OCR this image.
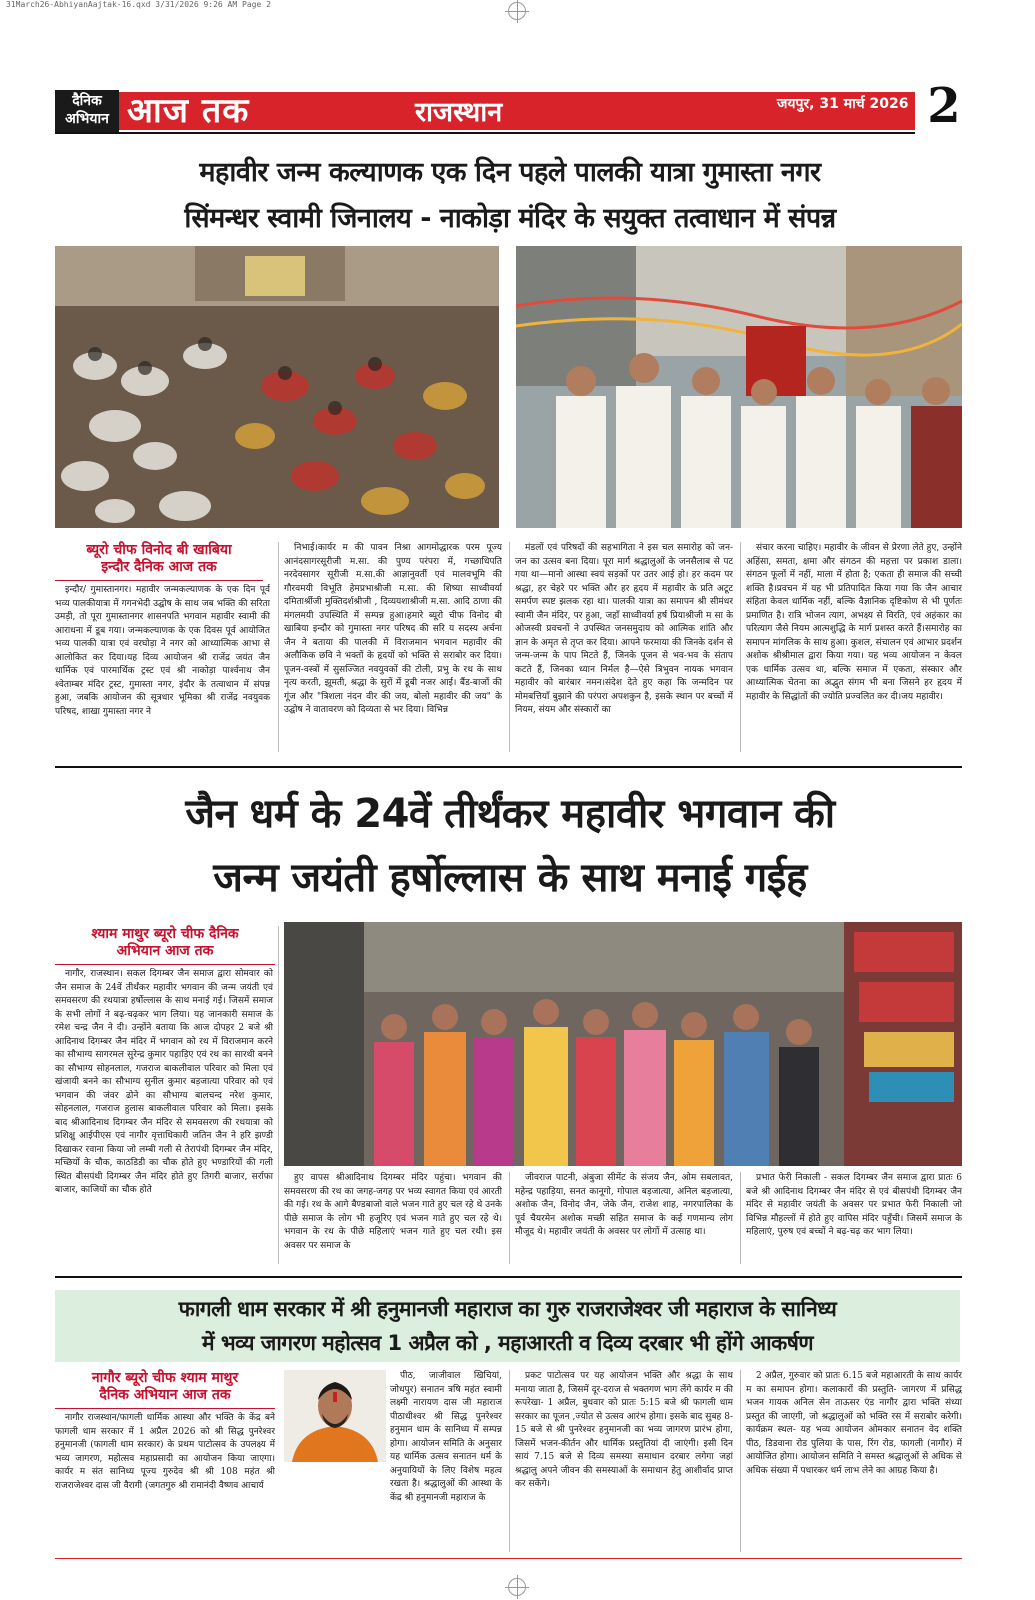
31March26-AbhiyanAajtak-16.qxd 3/31/2026 9:26 AM Page 2
दैनिक
अभियान आज तक	राजस्थान	जयपुर, 31 मार्च 2026 2
महावीर जन्म कल्याणक एक दिन पहले पालकी यात्रा गुमास्ता नगर
सिंमन्धर स्वामी जिनालय - नाकोड़ा मंदिर के सयुक्त तत्वाधान में संपन्न
ब्यूरो चीफ विनोद बी खाबिया
इन्दौर दैनिक आज तक

इन्दौर/ गुमास्तानगर। महावीर जन्मकल्याणक के एक दिन पूर्व भव्य पालकीयात्रा में गगनभेदी उद्घोष के साथ जब भक्ति की सरिता उमड़ी, तो पूरा गुमास्तानगर शासनपति भगवान महावीर स्वामी की आराधना में डूब गया। जन्मकल्याणक के एक दिवस पूर्व आयोजित भव्य पालकी यात्रा एवं वरघोड़ा ने नगर को आध्यात्मिक आभा से आलोकित कर दिया।यह दिव्य आयोजन श्री राजेंद्र जयंत जैन धार्मिक एवं पारमार्थिक ट्रस्ट एवं श्री नाकोड़ा पार्श्वनाथ जैन श्वेताम्बर मंदिर ट्रस्ट, गुमास्ता नगर, इंदौर के तत्वाधान में संपन्न हुआ, जबकि आयोजन की सूत्रधार भूमिका श्री राजेंद्र नवयुवक परिषद, शाखा गुमास्ता नगर ने

निभाई।कार्यर म की पावन निश्रा आगमोद्धारक परम पूज्य आनंदसागरसूरीजी म.सा. की पुण्य परंपरा में, गच्छाधिपति नरदेवसागर सूरीजी म.सा.की आज्ञानुवर्ती एवं मालवभूमि की गौरवमयी विभूति हेमप्रभाश्रीजी म.सा. की शिष्या साध्वीवर्या दमितार्श्रीजी मुक्तिदर्शश्रीजी , दिव्ययशाश्रीजी म.सा. आदि ठाणा की मंगलमयी उपस्थिति में सम्पन्न हुआ।हमारे ब्यूरो चीफ विनोद बी खाबिया इन्दौर को गुमास्ता नगर परिषद की सरि य सदस्य अर्चना जैन ने बताया की पालकी में विराजमान भगवान महावीर की अलौकिक छवि ने भक्तों के हृदयों को भक्ति से सराबोर कर दिया। पूजन-वस्त्रों में सुसज्जित नवयुवकों की टोली, प्रभु के रथ के साथ नृत्य करती, झूमती, श्रद्धा के सुरों में डूबी नजर आई। बैंड-बाजों की गूंज और "त्रिशला नंदन वीर की जय, बोलो महावीर की जय" के उद्घोष ने वातावरण को दिव्यता से भर दिया। विभिन्न

मंडलों एवं परिषदों की सहभागिता ने इस चल समारोह को जन-जन का उत्सव बना दिया। पूरा मार्ग श्रद्धालुओं के जनसैलाब से पट गया था—मानो आस्था स्वयं सड़कों पर उतर आई हो। हर कदम पर श्रद्धा, हर चेहरे पर भक्ति और हर हृदय में महावीर के प्रति अटूट समर्पण स्पष्ट झलक रहा था। पालकी यात्रा का समापन श्री सीमंधर स्वामी जैन मंदिर, पर हुआ, जहाँ साध्वीवर्या हर्ष प्रियाश्रीजी म सा के ओजस्वी प्रवचनों ने उपस्थित जनसमुदाय को आत्मिक शांति और ज्ञान के अमृत से तृप्त कर दिया। आपने फरमाया की जिनके दर्शन से जन्म-जन्म के पाप मिटते हैं, जिनके पूजन से भव-भव के संताप कटते हैं, जिनका ध्यान निर्मल है—ऐसे त्रिभुवन नायक भगवान महावीर को बारंबार नमन।संदेश देते हुए कहा कि जन्मदिन पर मोमबत्तियाँ बुझाने की परंपरा अपशकुन है, इसके स्थान पर बच्चों में नियम, संयम और संस्कारों का

संचार करना चाहिए। महावीर के जीवन से प्रेरणा लेते हुए, उन्होंने अहिंसा, समता, क्षमा और संगठन की महत्ता पर प्रकाश डाला। संगठन फूलों में नहीं, माला में होता है; एकता ही समाज की सच्ची शक्ति है।प्रवचन में यह भी प्रतिपादित किया गया कि जैन आचार संहिता केवल धार्मिक नहीं, बल्कि वैज्ञानिक दृष्टिकोण से भी पूर्णतः प्रमाणित है। रात्रि भोजन त्याग, अभक्ष्य से विरति, एवं अहंकार का परित्याग जैसे नियम आत्मशुद्धि के मार्ग प्रशस्त करते हैं।समारोह का समापन मांगलिक के साथ हुआ। कुशल, संचालन एवं आभार प्रदर्शन अशोक श्रीश्रीमाल द्वारा किया गया। यह भव्य आयोजन न केवल एक धार्मिक उत्सव था, बल्कि समाज में एकता, संस्कार और आध्यात्मिक चेतना का अद्भुत संगम भी बना जिसने हर हृदय में महावीर के सिद्धांतों की ज्योति प्रज्वलित कर दी।जय महावीर।

जैन धर्म के 24वें तीर्थंकर महावीर भगवान की
जन्म जयंती हर्षोल्लास के साथ मनाई गईह
श्याम माथुर ब्यूरो चीफ दैनिक
अभियान आज तक

नागौर, राजस्थान। सकल दिगम्बर जैन समाज द्वारा सोमवार को जैन समाज के 24वें तीर्थंकर महावीर भगवान की जन्म जयंती एवं समवसरण की रथयात्रा हर्षोल्लास के साथ मनाई गई। जिसमें समाज के सभी लोगों ने बढ़-चढ़कर भाग लिया। यह जानकारी समाज के रमेश चन्द्र जैन ने दी। उन्होंने बताया कि आज दोपहर 2 बजे श्री आदिनाथ दिगम्बर जैन मंदिर में भगवान को रथ में विराजमान करने का सौभाग्य सागरमल सुरेन्द्र कुमार पहाड़िए एवं रथ का सारथी बनने का सौभाग्य सोहनलाल, गजराज बाकलीवाल परिवार को मिला एवं खंजायी बनने का सौभाग्य सुनील कुमार बड़जात्या परिवार को एवं भगवान की जंवर ढोने का सौभाग्य बालचन्द नरेश कुमार, सोहनलाल, गजराज हुलास बाकलीवाल परिवार को मिला। इसके बाद श्रीआदिनाथ दिगम्बर जैन मंदिर से समवसरण की रथयात्रा को प्रशिक्षु आईपीएस एवं नागौर वृत्ताधिकारी जतिन जैन ने हरि झण्डी दिखाकर रवाना किया जो लम्बी गली से तेरापंथी दिगम्बर जैन मंदिर, मच्छियों के चौक, काठडिडी का चौक होते हुए भण्डारियों की गली स्थित बीसपंथी दिगम्बर जैन मंदिर होते हुए तिगरी बाजार, सर्राफा बाजार, काजियों का चौक होते

हुए वापस श्रीआदिनाथ दिगम्बर मंदिर पहुंचा। भगवान की समवसरण की रथ का जगह-जगह पर भव्य स्वागत किया एवं आरती की गई। रथ के आगे बैण्डबाजो वाले भजन गाते हुए चल रहे थे उनके पीछे समाज के लोग भी हजूरिए एवं भजन गाते हुए चल रहे थे। भगवान के रथ के पीछे महिलाएं भजन गाते हुए चल रथी। इस अवसर पर समाज के

जीवराज पाटनी, अंबुजा सीमेंट के संजय जैन, ओम सबलावत, महेन्द्र पहाड़िया, सनत कानूगो, गोपाल बड़जात्या, अनिल बड़जात्या, अशोक जैन, विनोद जैन, जेके जैन, राजेश शाह, नगरपालिका के पूर्व चैयरमेन अशोक मच्छी सहित समाज के कई गणमान्य लोग मौजूद थे। महावीर जयंती के अवसर पर लोगों में उत्साह था।

प्रभात फेरी निकाली - सकल दिगम्बर जैन समाज द्वारा प्रातः 6 बजे श्री आदिनाथ दिगम्बर जैन मंदिर से एवं बीसपंथी दिगम्बर जैन मंदिर से महावीर जयंती के अवसर पर प्रभात फेरी निकाली जो विभिन्न मौहल्लों में होते हुए वापिस मंदिर पहुँची। जिसमें समाज के महिलाएं, पुरुष एवं बच्चों ने बढ़-चढ़ कर भाग लिया।

फागली धाम सरकार में श्री हनुमानजी महाराज का गुरु राजराजेश्वर जी महाराज के सानिध्य
में भव्य जागरण महोत्सव 1 अप्रैल को , महाआरती व दिव्य दरबार भी होंगे आकर्षण
नागौर ब्यूरो चीफ श्याम माथुर
दैनिक अभियान आज तक

नागौर राजस्थान/फागली धार्मिक आस्था और भक्ति के केंद्र बने फागली धाम सरकार में 1 अप्रैल 2026 को श्री सिद्ध पुनरेश्वर हनुमानजी (फागली धाम सरकार) के प्रथम पाटोत्सव के उपलक्ष्य में भव्य जागरण, महोत्सव महाप्रसादी का आयोजन किया जाएगा। कार्यर म संत सानिध्य पूज्य गुरुदेव श्री श्री 108 महंत श्री राजराजेश्वर दास जी वैरागी (जगतगुरु श्री रामानंदी वैष्णव आचार्य

पीठ, जाजीवाल खिचियां, जोधपुर) सनातन त्रषि महंत स्वामी लक्ष्मी नारायण दास जी महाराज पीठाधीश्वर श्री सिद्ध पुनरेश्वर हनुमान धाम के सानिध्य में सम्पन्न होगा। आयोजन समिति के अनुसार यह धार्मिक उत्सव सनातन धर्म के अनुयायियों के लिए विशेष महत्व रखता है। श्रद्धालुओं की आस्था के केंद्र श्री हनुमानजी महाराज के

प्रकट पाटोत्सव पर यह आयोजन भक्ति और श्रद्धा के साथ मनाया जाता है, जिसमें दूर-दराज से भक्तगण भाग लेंगे कार्यर म की रूपरेखा- 1 अप्रैल, बुधवार को प्रातः 5:15 बजे श्री फागली धाम सरकार का पूजन ,ज्योत से उत्सव आरंभ होगा। इसके बाद सुबह 8-15 बजे से श्री पुनरेश्वर हनुमानजी का भव्य जागरण प्रारंभ होगा, जिसमें भजन-कीर्तन और धार्मिक प्रस्तुतियां दी जाएंगी। इसी दिन सायं 7.15 बजे से दिव्य समस्या समाधान दरबार लगेगा जहां श्रद्धालु अपने जीवन की समस्याओं के समाधान हेतु आशीर्वाद प्राप्त कर सकेंगे।

2 अप्रैल, गुरुवार को प्रातः 6.15 बजे महाआरती के साथ कार्यर म का समापन होगा। कलाकारों की प्रस्तुति- जागरण में प्रसिद्ध भजन गायक अनिल सेन ताऊसर एंड नागौर द्वारा भक्ति संध्या प्रस्तुत की जाएगी, जो श्रद्धालुओं को भक्ति रस में सराबोर करेगी। कार्यक्रम स्थल- यह भव्य आयोजन ओमकार सनातन वेद शक्ति पीठ, डिडवाना रोड पुलिया के पास, रिंग रोड, फागली (नागौर) में आयोजित होगा। आयोजन समिति ने समस्त श्रद्धालुओं से अधिक से अधिक संख्या में पधारकर धर्म लाभ लेने का आग्रह किया है।
